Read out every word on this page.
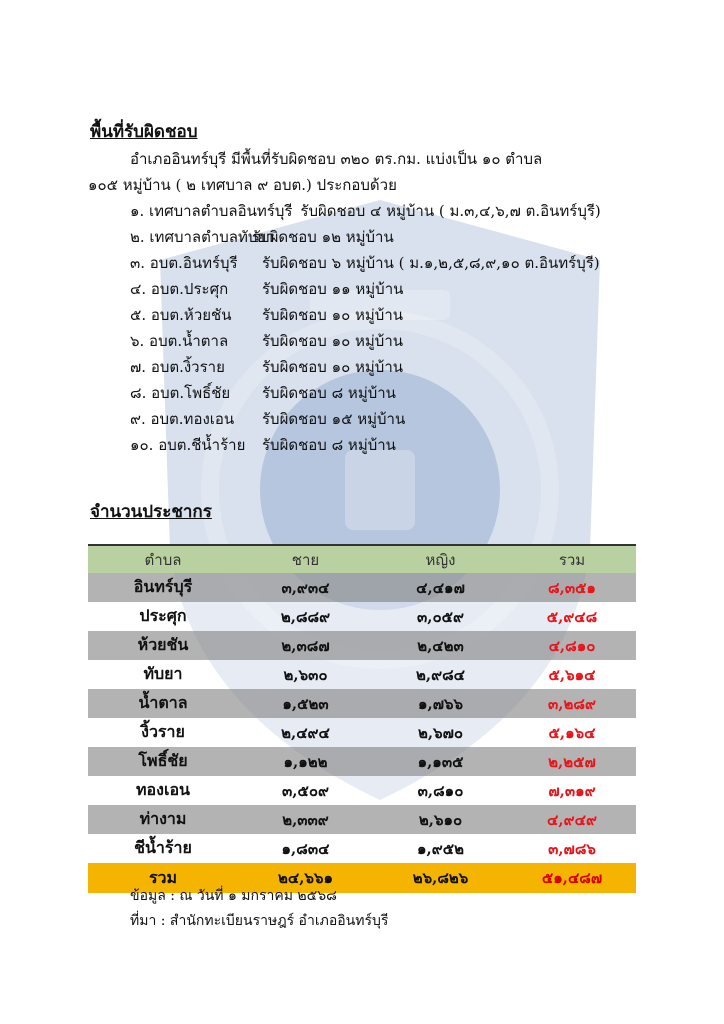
พื้นที่รับผิดชอบ
อำเภออินทร์บุรี มีพื้นที่รับผิดชอบ ๓๒๐ ตร.กม. แบ่งเป็น ๑๐ ตำบล
๑๐๕ หมู่บ้าน ( ๒ เทศบาล ๙ อบต.) ประกอบด้วย
๑. เทศบาลตำบลอินทร์บุรี รับผิดชอบ ๔ หมู่บ้าน ( ม.๓,๔,๖,๗ ต.อินทร์บุรี)
๒. เทศบาลตำบลทับยา
รับผิดชอบ ๑๒ หมู่บ้าน
๓. อบต.อินทร์บุรี	รับผิดชอบ ๖ หมู่บ้าน ( ม.๑,๒,๕,๘,๙,๑๐ ต.อินทร์บุรี)
๔. อบต.ประศุก	รับผิดชอบ ๑๑ หมู่บ้าน
๕. อบต.ห้วยชัน	รับผิดชอบ ๑๐ หมู่บ้าน
๖. อบต.น้ำตาล	รับผิดชอบ ๑๐ หมู่บ้าน
๗. อบต.งิ้วราย	รับผิดชอบ ๑๐ หมู่บ้าน
๘. อบต.โพธิ์ชัย	รับผิดชอบ ๘ หมู่บ้าน
๙. อบต.ทองเอน	รับผิดชอบ ๑๕ หมู่บ้าน
๑๐. อบต.ชีน้ำร้าย	รับผิดชอบ ๘ หมู่บ้าน
จำนวนประชากร
ตำบล	ชาย	หญิง	รวม
อินทร์บุรี	๓,๙๓๔	๔,๔๑๗	๘,๓๕๑
ประศุก	๒,๘๘๙	๓,๐๕๙	๕,๙๔๘
ห้วยชัน	๒,๓๘๗	๒,๔๒๓	๔,๘๑๐
ทับยา	๒,๖๓๐	๒,๙๘๔	๕,๖๑๔
น้ำตาล	๑,๕๒๓	๑,๗๖๖	๓,๒๘๙
งิ้วราย	๒,๔๙๔	๒,๖๗๐	๕,๑๖๔
โพธิ์ชัย	๑,๑๒๒	๑,๑๓๕	๒,๒๕๗
ทองเอน	๓,๕๐๙	๓,๘๑๐	๗,๓๑๙
ท่างาม	๒,๓๓๙	๒,๖๑๐	๔,๙๔๙
ชีน้ำร้าย	๑,๘๓๔	๑,๙๕๒	๓,๗๘๖
รวม	๒๔,๖๖๑	๒๖,๘๒๖	๕๑,๔๘๗
ข้อมูล : ณ วันที่ ๑ มกราคม ๒๕๖๘
ที่มา : สำนักทะเบียนราษฎร์ อำเภออินทร์บุรี
